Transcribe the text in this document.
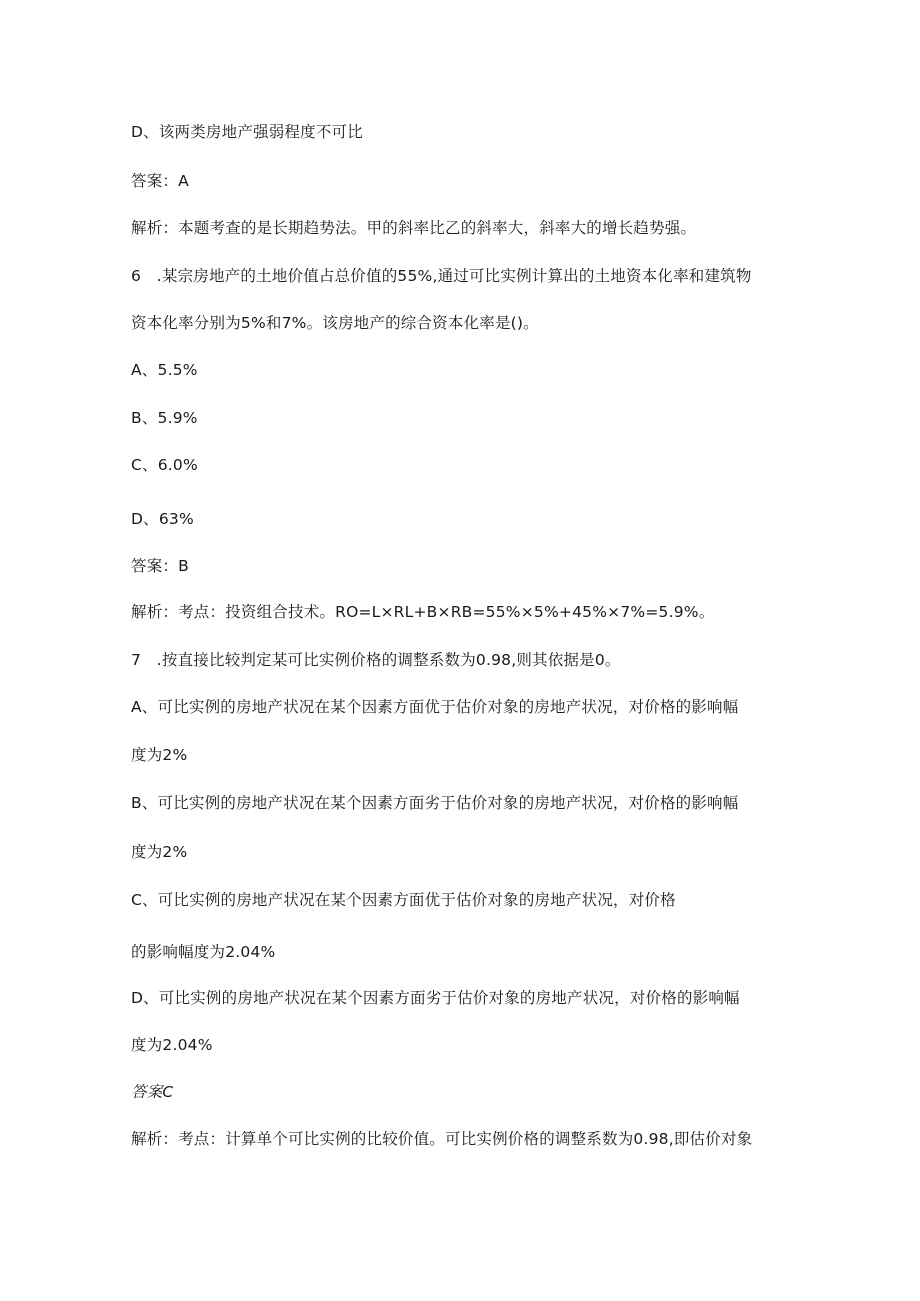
D、该两类房地产强弱程度不可比
答案：A
解析：本题考查的是长期趋势法。甲的斜率比乙的斜率大，斜率大的增长趋势强。
6　.某宗房地产的土地价值占总价值的55%,通过可比实例计算出的土地资本化率和建筑物
资本化率分别为5%和7%。该房地产的综合资本化率是()。
A、5.5%
B、5.9%
C、6.0%
D、63%
答案：B
解析：考点：投资组合技术。RO=L×RL+B×RB=55%×5%+45%×7%=5.9%。
7　.按直接比较判定某可比实例价格的调整系数为0.98,则其依据是0。
A、可比实例的房地产状况在某个因素方面优于估价对象的房地产状况，对价格的影响幅
度为2%
B、可比实例的房地产状况在某个因素方面劣于估价对象的房地产状况，对价格的影响幅
度为2%
C、可比实例的房地产状况在某个因素方面优于估价对象的房地产状况，对价格
的影响幅度为2.04%
D、可比实例的房地产状况在某个因素方面劣于估价对象的房地产状况，对价格的影响幅
度为2.04%
答案C
解析：考点：计算单个可比实例的比较价值。可比实例价格的调整系数为0.98,即估价对象
